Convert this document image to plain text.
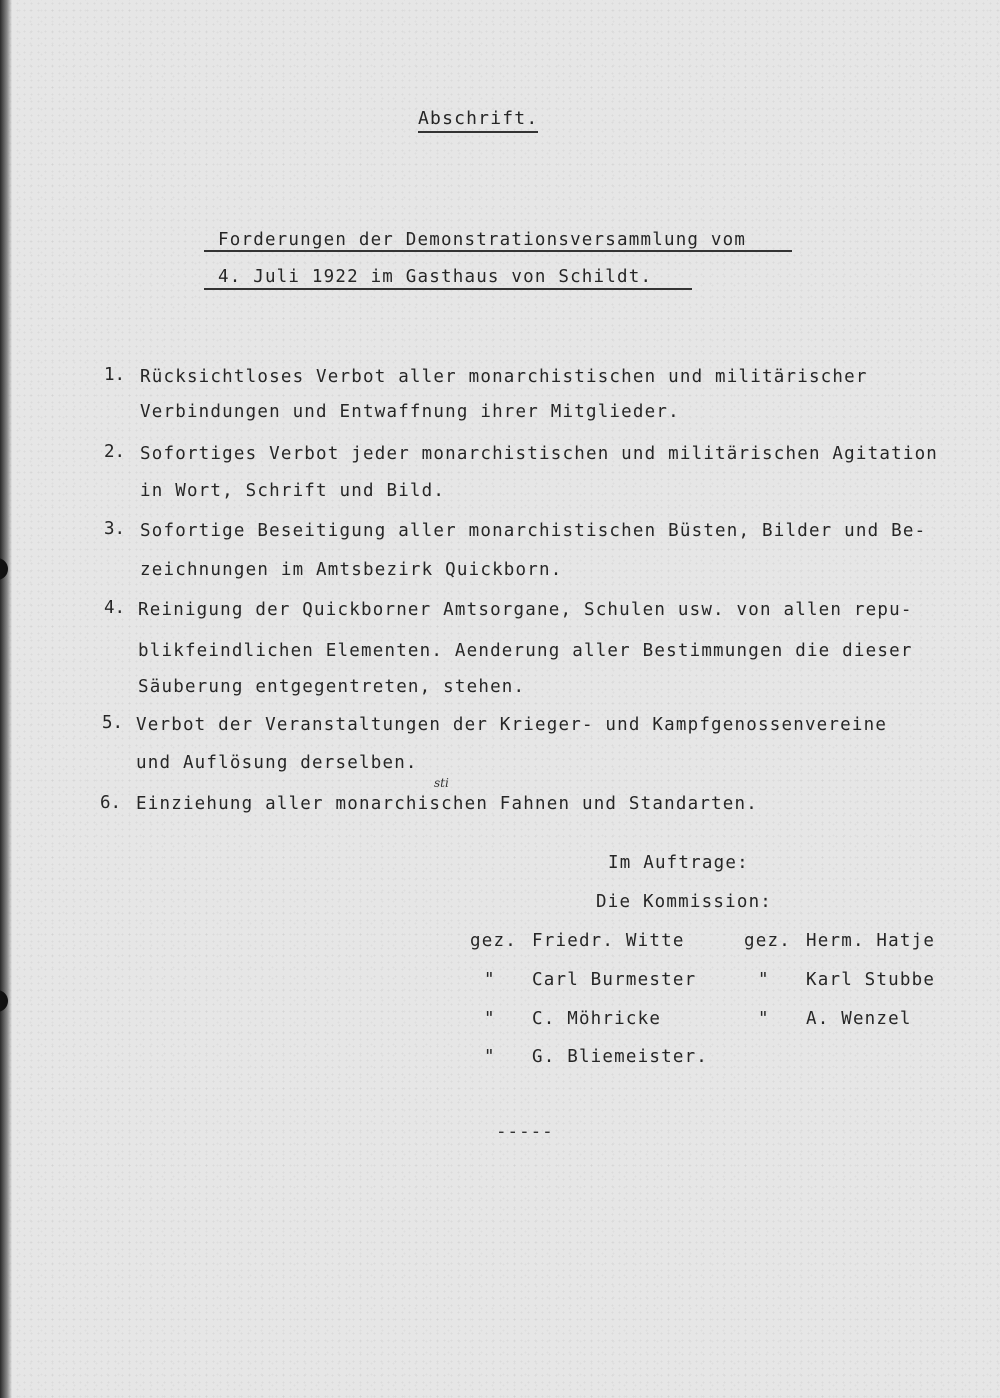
Abschrift.
Forderungen der Demonstrationsversammlung vom
4. Juli 1922 im Gasthaus von Schildt.
1. Rücksichtloses Verbot aller monarchistischen und militärischer
Verbindungen und Entwaffnung ihrer Mitglieder.
2. Sofortiges Verbot jeder monarchistischen und militärischen Agitation
in Wort, Schrift und Bild.
3. Sofortige Beseitigung aller monarchistischen Büsten, Bilder und Be-
zeichnungen im Amtsbezirk Quickborn.
4. Reinigung der Quickborner Amtsorgane, Schulen usw. von allen repu-
blikfeindlichen Elementen. Aenderung aller Bestimmungen die dieser
Säuberung entgegentreten, stehen.
5. Verbot der Veranstaltungen der Krieger- und Kampfgenossenvereine
und Auflösung derselben.
sti
6. Einziehung aller monarchischen Fahnen und Standarten.
Im Auftrage:
Die Kommission:
gez. Friedr. Witte
" Carl Burmester
" C. Möhricke
" G. Bliemeister.
gez. Herm. Hatje
" Karl Stubbe
" A. Wenzel
-----
